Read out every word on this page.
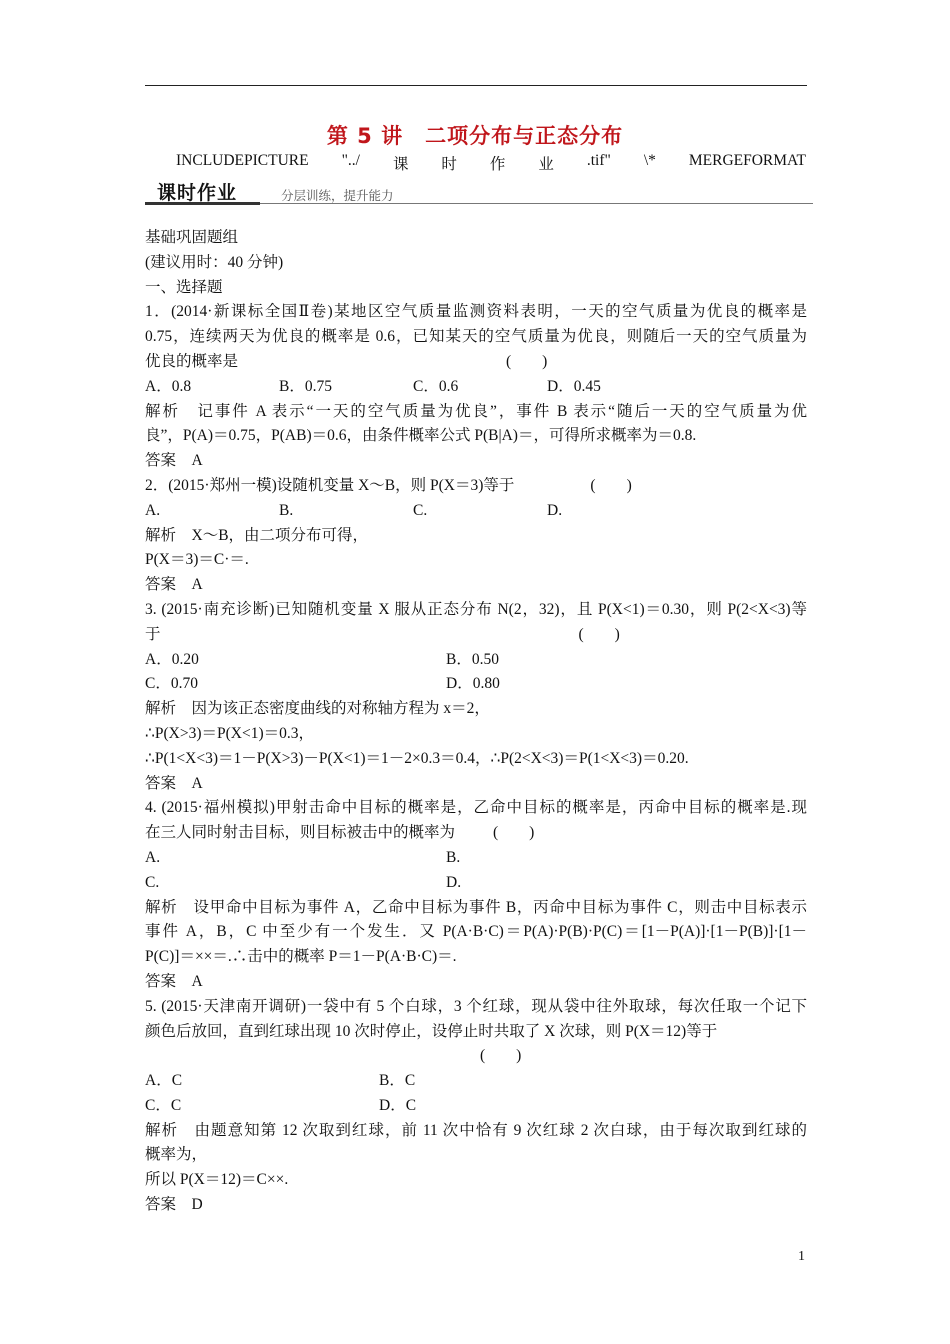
第 5 讲　二项分布与正态分布
INCLUDEPICTURE "../ 课 时 作 业 .tif" \* MERGEFORMAT
课时作业	分层训练，提升能力
基础巩固题组
(建议用时：40 分钟)
一、选择题
1．(2014·新课标全国Ⅱ卷)某地区空气质量监测资料表明，一天的空气质量为优良的概率是
0.75，连续两天为优良的概率是 0.6，已知某天的空气质量为优良，则随后一天的空气质量为
优良的概率是	(　　)
A．0.8	B．0.75	C．0.6	D．0.45
解析　记事件 A 表示“一天的空气质量为优良”，事件 B 表示“随后一天的空气质量为优
良”，P(A)＝0.75，P(AB)＝0.6，由条件概率公式 P(B|A)＝，可得所求概率为＝0.8.
答案　A
2．(2015·郑州一模)设随机变量 X～B，则 P(X＝3)等于	(　　)
A.	B.	C.	D.
解析　X～B，由二项分布可得，
P(X＝3)＝C·＝.
答案　A
3. (2015·南充诊断)已知随机变量 X 服从正态分布 N(2，32)，且 P(X<1)＝0.30，则 P(2<X<3)等
于	(　　)
A．0.20	B．0.50
C．0.70	D．0.80
解析　因为该正态密度曲线的对称轴方程为 x＝2，
∴P(X>3)＝P(X<1)＝0.3，
∴P(1<X<3)＝1－P(X>3)－P(X<1)＝1－2×0.3＝0.4，∴P(2<X<3)＝P(1<X<3)＝0.20.
答案　A
4. (2015·福州模拟)甲射击命中目标的概率是，乙命中目标的概率是，丙命中目标的概率是.现
在三人同时射击目标，则目标被击中的概率为 (　　)
A.	B.
C.	D.
解析　设甲命中目标为事件 A，乙命中目标为事件 B，丙命中目标为事件 C，则击中目标表示
事件 A，B，C 中至少有一个发生．又 P(A·B·C)＝P(A)·P(B)·P(C)＝[1－P(A)]·[1－P(B)]·[1－
P(C)]＝××＝.∴击中的概率 P＝1－P(A·B·C)＝.
答案　A
5. (2015·天津南开调研)一袋中有 5 个白球，3 个红球，现从袋中往外取球，每次任取一个记下
颜色后放回，直到红球出现 10 次时停止，设停止时共取了 X 次球，则 P(X＝12)等于
(　　)
A．C	B．C
C．C	D．C
解析　由题意知第 12 次取到红球，前 11 次中恰有 9 次红球 2 次白球，由于每次取到红球的
概率为，
所以 P(X＝12)＝C××.
答案　D
1
